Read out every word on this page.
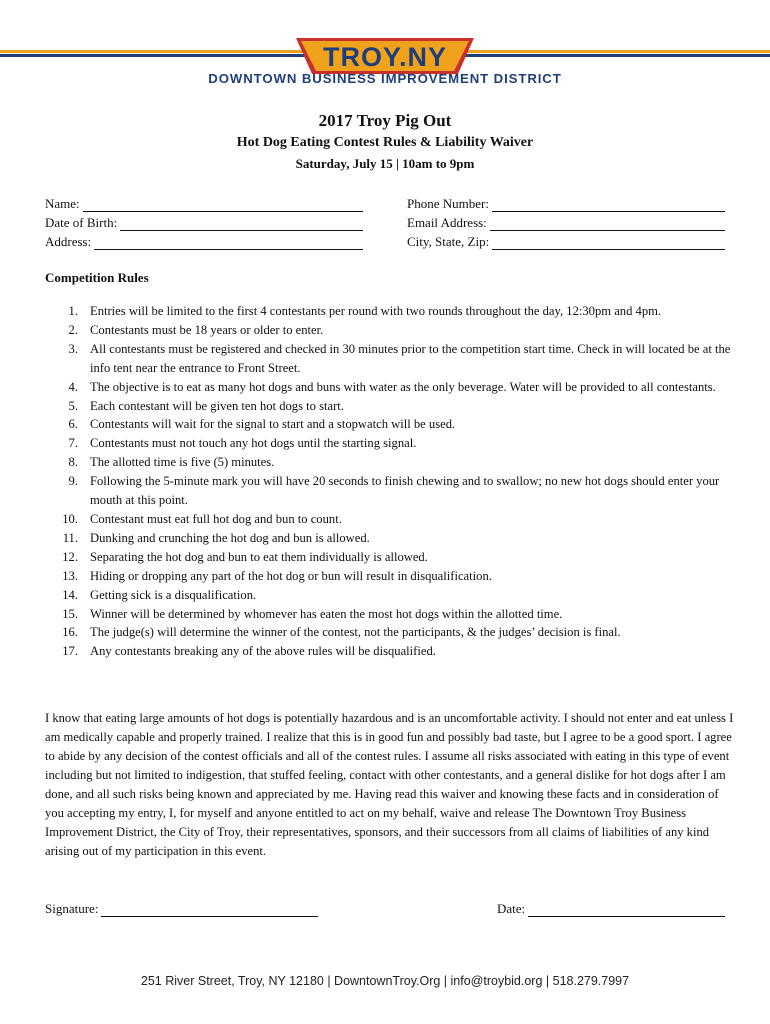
TROY.NY
DOWNTOWN BUSINESS IMPROVEMENT DISTRICT
2017 Troy Pig Out
Hot Dog Eating Contest Rules & Liability Waiver
Saturday, July 15 | 10am to 9pm
Name:
Date of Birth:
Address:
Phone Number:
Email Address:
City, State, Zip:
Competition Rules
1. Entries will be limited to the first 4 contestants per round with two rounds throughout the day, 12:30pm and 4pm.
2. Contestants must be 18 years or older to enter.
3. All contestants must be registered and checked in 30 minutes prior to the competition start time. Check in will located be at the info tent near the entrance to Front Street.
4. The objective is to eat as many hot dogs and buns with water as the only beverage. Water will be provided to all contestants.
5. Each contestant will be given ten hot dogs to start.
6. Contestants will wait for the signal to start and a stopwatch will be used.
7. Contestants must not touch any hot dogs until the starting signal.
8. The allotted time is five (5) minutes.
9. Following the 5-minute mark you will have 20 seconds to finish chewing and to swallow; no new hot dogs should enter your mouth at this point.
10. Contestant must eat full hot dog and bun to count.
11. Dunking and crunching the hot dog and bun is allowed.
12. Separating the hot dog and bun to eat them individually is allowed.
13. Hiding or dropping any part of the hot dog or bun will result in disqualification.
14. Getting sick is a disqualification.
15. Winner will be determined by whomever has eaten the most hot dogs within the allotted time.
16. The judge(s) will determine the winner of the contest, not the participants, & the judges’ decision is final.
17. Any contestants breaking any of the above rules will be disqualified.

I know that eating large amounts of hot dogs is potentially hazardous and is an uncomfortable activity. I should not enter and eat unless I am medically capable and properly trained. I realize that this is in good fun and possibly bad taste, but I agree to be a good sport. I agree to abide by any decision of the contest officials and all of the contest rules. I assume all risks associated with eating in this type of event including but not limited to indigestion, that stuffed feeling, contact with other contestants, and a general dislike for hot dogs after I am done, and all such risks being known and appreciated by me. Having read this waiver and knowing these facts and in consideration of you accepting my entry, I, for myself and anyone entitled to act on my behalf, waive and release The Downtown Troy Business Improvement District, the City of Troy, their representatives, sponsors, and their successors from all claims of liabilities of any kind arising out of my participation in this event.

Signature:	Date:
251 River Street, Troy, NY 12180 | DowntownTroy.Org | info@troybid.org | 518.279.7997
